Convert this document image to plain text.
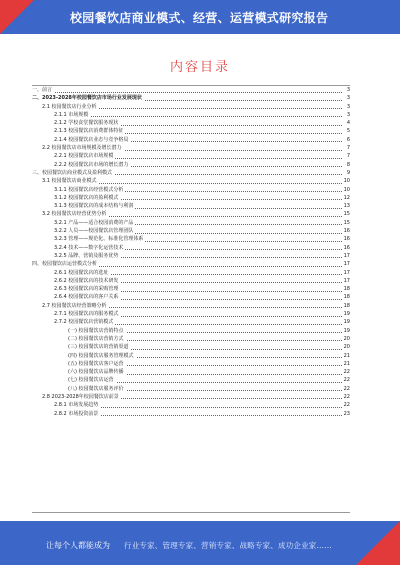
校园餐饮店商业模式、经营、运营模式研究报告
内容目录
一、前言	3
二、2023-2028年校园餐饮店市场行业发展现状	3
2.1 校园餐饮店行业分析	3
2.1.1 市场规模	3
2.1.2 学校食堂餐饮服务现状	4
2.1.3 校园餐饮店消费群体特征	5
2.1.4 校园餐饮店业态与竞争格局	6
2.2 校园餐饮店市场规模及增长潜力	7
2.2.1 校园餐饮店市场规模	7
2.2.2 校园餐饮店市场的增长潜力	8
三、校园餐饮店商业模式及盈利模式	9
3.1 校园餐饮店商业模式	10
3.1.1 校园餐饮店经营模式分析	10
3.1.2 校园餐饮店的盈利模式	12
3.1.3 校园餐饮店的成本结构与利润	13
3.2 校园餐饮店经营优势分析	15
3.2.1 产品——适合校园消费的产品	15
3.2.2 人员——校园餐饮店管理团队	16
3.2.3 管理——规范化、标准化管理体系	16
3.2.4 技术——数字化运营技术	16
3.2.5 品牌、营销及服务优势	17
四、校园餐饮店运营模式分析	17
2.6.1 校园餐饮店的选址	17
2.6.2 校园餐饮店的技术研发	17
2.6.3 校园餐饮店的采购管理	18
2.6.4 校园餐饮店的客户关系	18
2.7 校园餐饮店经营策略分析	18
2.7.1 校园餐饮店的服务模式	19
2.7.2 校园餐饮店营销模式	19
(一) 校园餐饮店营销特点	19
(二) 校园餐饮店营销方式	20
(三) 校园餐饮店的营销渠道	20
(四) 校园餐饮店服务管理模式	21
(五) 校园餐饮店客户运营	21
(六) 校园餐饮店品牌传播	22
(七) 校园餐饮店运营	22
(八) 校园餐饮店服务评价	22
2.8 2023-2028年校园餐饮店前景	22
2.8.1 市场发展趋势	22
2.8.2 市场投资前景	23
让每个人都能成为 行业专家、管理专家、营销专家、战略专家、成功企业家……
